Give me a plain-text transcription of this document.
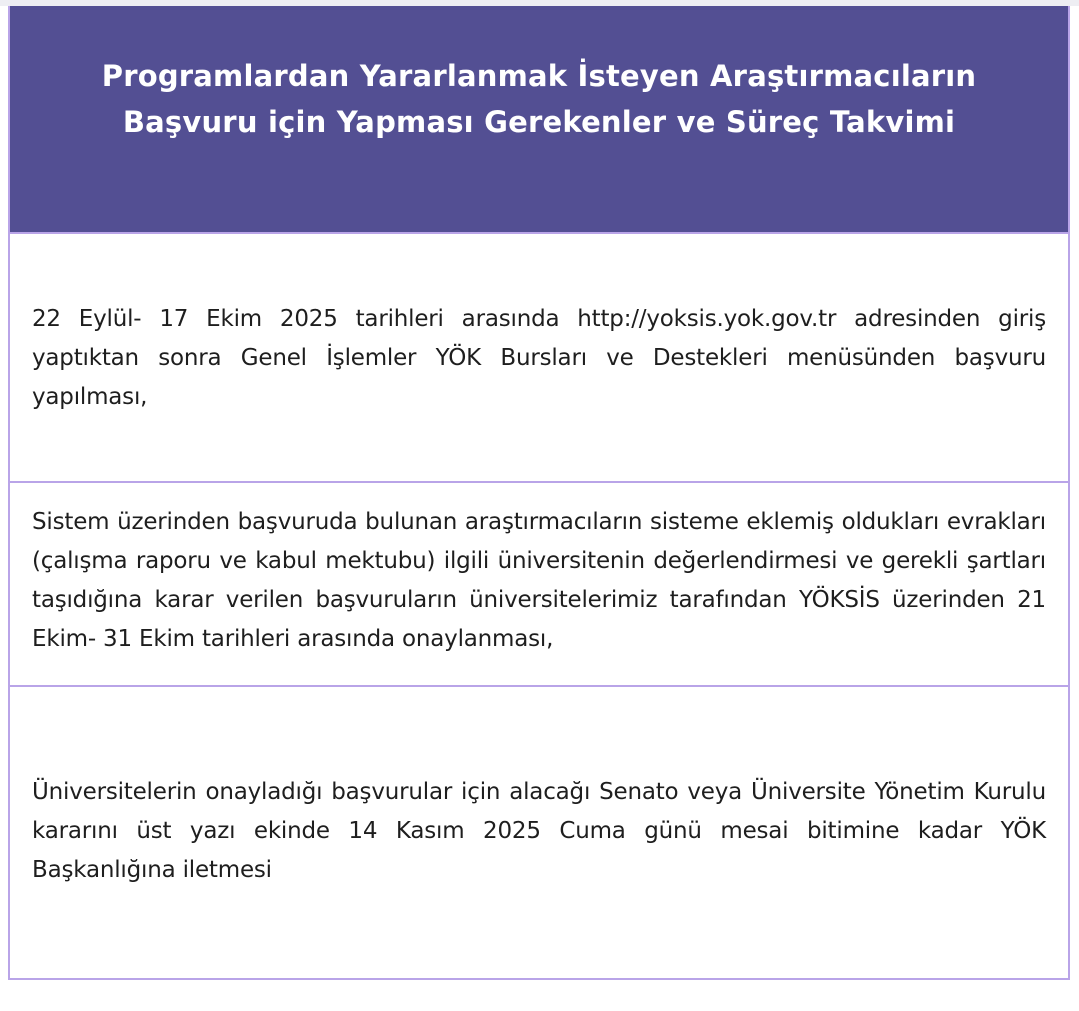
Programlardan Yararlanmak İsteyen Araştırmacıların
Başvuru için Yapması Gerekenler ve Süreç Takvimi
22 Eylül- 17 Ekim 2025 tarihleri arasında http://yoksis.yok.gov.tr adresinden giriş yaptıktan sonra Genel İşlemler YÖK Bursları ve Destekleri menüsünden başvuru yapılması,
Sistem üzerinden başvuruda bulunan araştırmacıların sisteme eklemiş oldukları evrakları (çalışma raporu ve kabul mektubu) ilgili üniversitenin değerlendirmesi ve gerekli şartları taşıdığına karar verilen başvuruların üniversitelerimiz tarafından YÖKSİS üzerinden 21 Ekim- 31 Ekim tarihleri arasında onaylanması,
Üniversitelerin onayladığı başvurular için alacağı Senato veya Üniversite Yönetim Kurulu kararını üst yazı ekinde 14 Kasım 2025 Cuma günü mesai bitimine kadar YÖK Başkanlığına iletmesi
